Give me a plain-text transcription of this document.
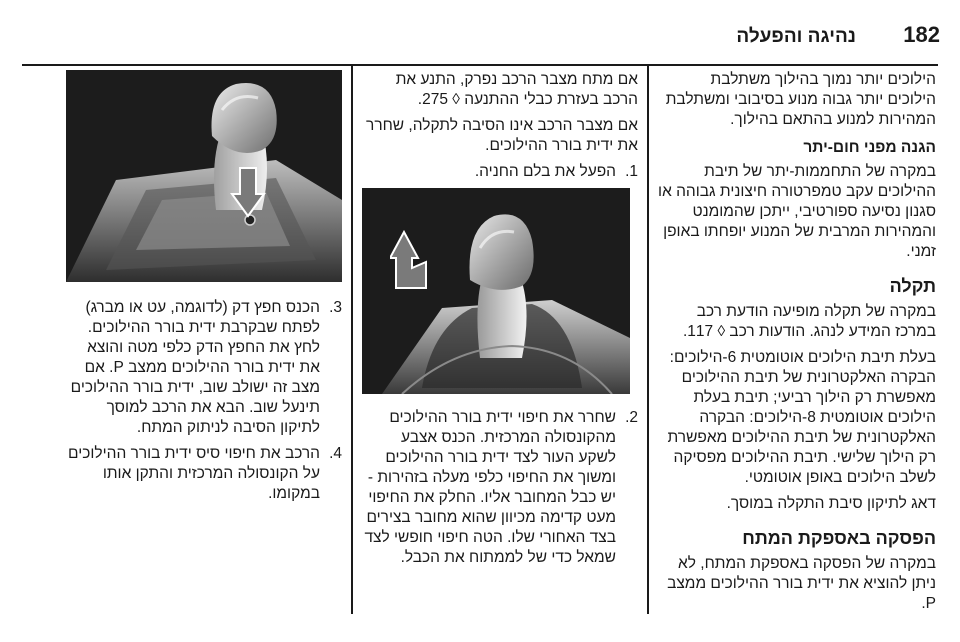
182
נהיגה והפעלה

הילוכים יותר נמוך בהילוך משתלבת הילוכים יותר גבוה מנוע בסיבובי ומשתלבת המהירות למנוע בהתאם בהילוך.

הגנה מפני חום-יתר

במקרה של התחממות-יתר של תיבת ההילוכים עקב טמפרטורה חיצונית גבוהה או סגנון נסיעה ספורטיבי, ייתכן שהמומנט והמהירות המרבית של המנוע יופחתו באופן זמני.

תקלה

במקרה של תקלה מופיעה הודעת רכב במרכז המידע לנהג. הודעות רכב ◊ 117.

בעלת תיבת הילוכים אוטומטית 6-הילוכים: הבקרה האלקטרונית של תיבת ההילוכים מאפשרת רק הילוך רביעי; תיבת בעלת הילוכים אוטומטית 8-הילוכים: הבקרה האלקטרונית של תיבת ההילוכים מאפשרת רק הילוך שלישי. תיבת ההילוכים מפסיקה לשלב הילוכים באופן אוטומטי.

דאג לתיקון סיבת התקלה במוסך.

הפסקה באספקת המתח

במקרה של הפסקה באספקת המתח, לא ניתן להוציא את ידית בורר ההילוכים ממצב P.

אם מתח מצבר הרכב נפרק, התנע את הרכב בעזרת כבלי ההתנעה ◊ 275.

אם מצבר הרכב אינו הסיבה לתקלה, שחרר את ידית בורר ההילוכים.

1.
הפעל את בלם החניה.
2.
שחרר את חיפוי ידית בורר ההילוכים מהקונסולה המרכזית. הכנס אצבע לשקע העור לצד ידית בורר ההילוכים ומשוך את החיפוי כלפי מעלה בזהירות - יש כבל המחובר אליו. החלק את החיפוי מעט קדימה מכיוון שהוא מחובר בצירים בצד האחורי שלו. הטה חיפוי חופשי לצד שמאל כדי של לממתוח את הכבל.
3.
הכנס חפץ דק (לדוגמה, עט או מברג) לפתח שבקרבת ידית בורר ההילוכים. לחץ את החפץ הדק כלפי מטה והוצא את ידית בורר ההילוכים ממצב P. אם מצב זה ישולב שוב, ידית בורר ההילוכים תינעל שוב. הבא את הרכב למוסך לתיקון הסיבה לניתוק המתח.
4.
הרכב את חיפוי סיס ידית בורר ההילוכים על הקונסולה המרכזית והתקן אותו במקומו.
